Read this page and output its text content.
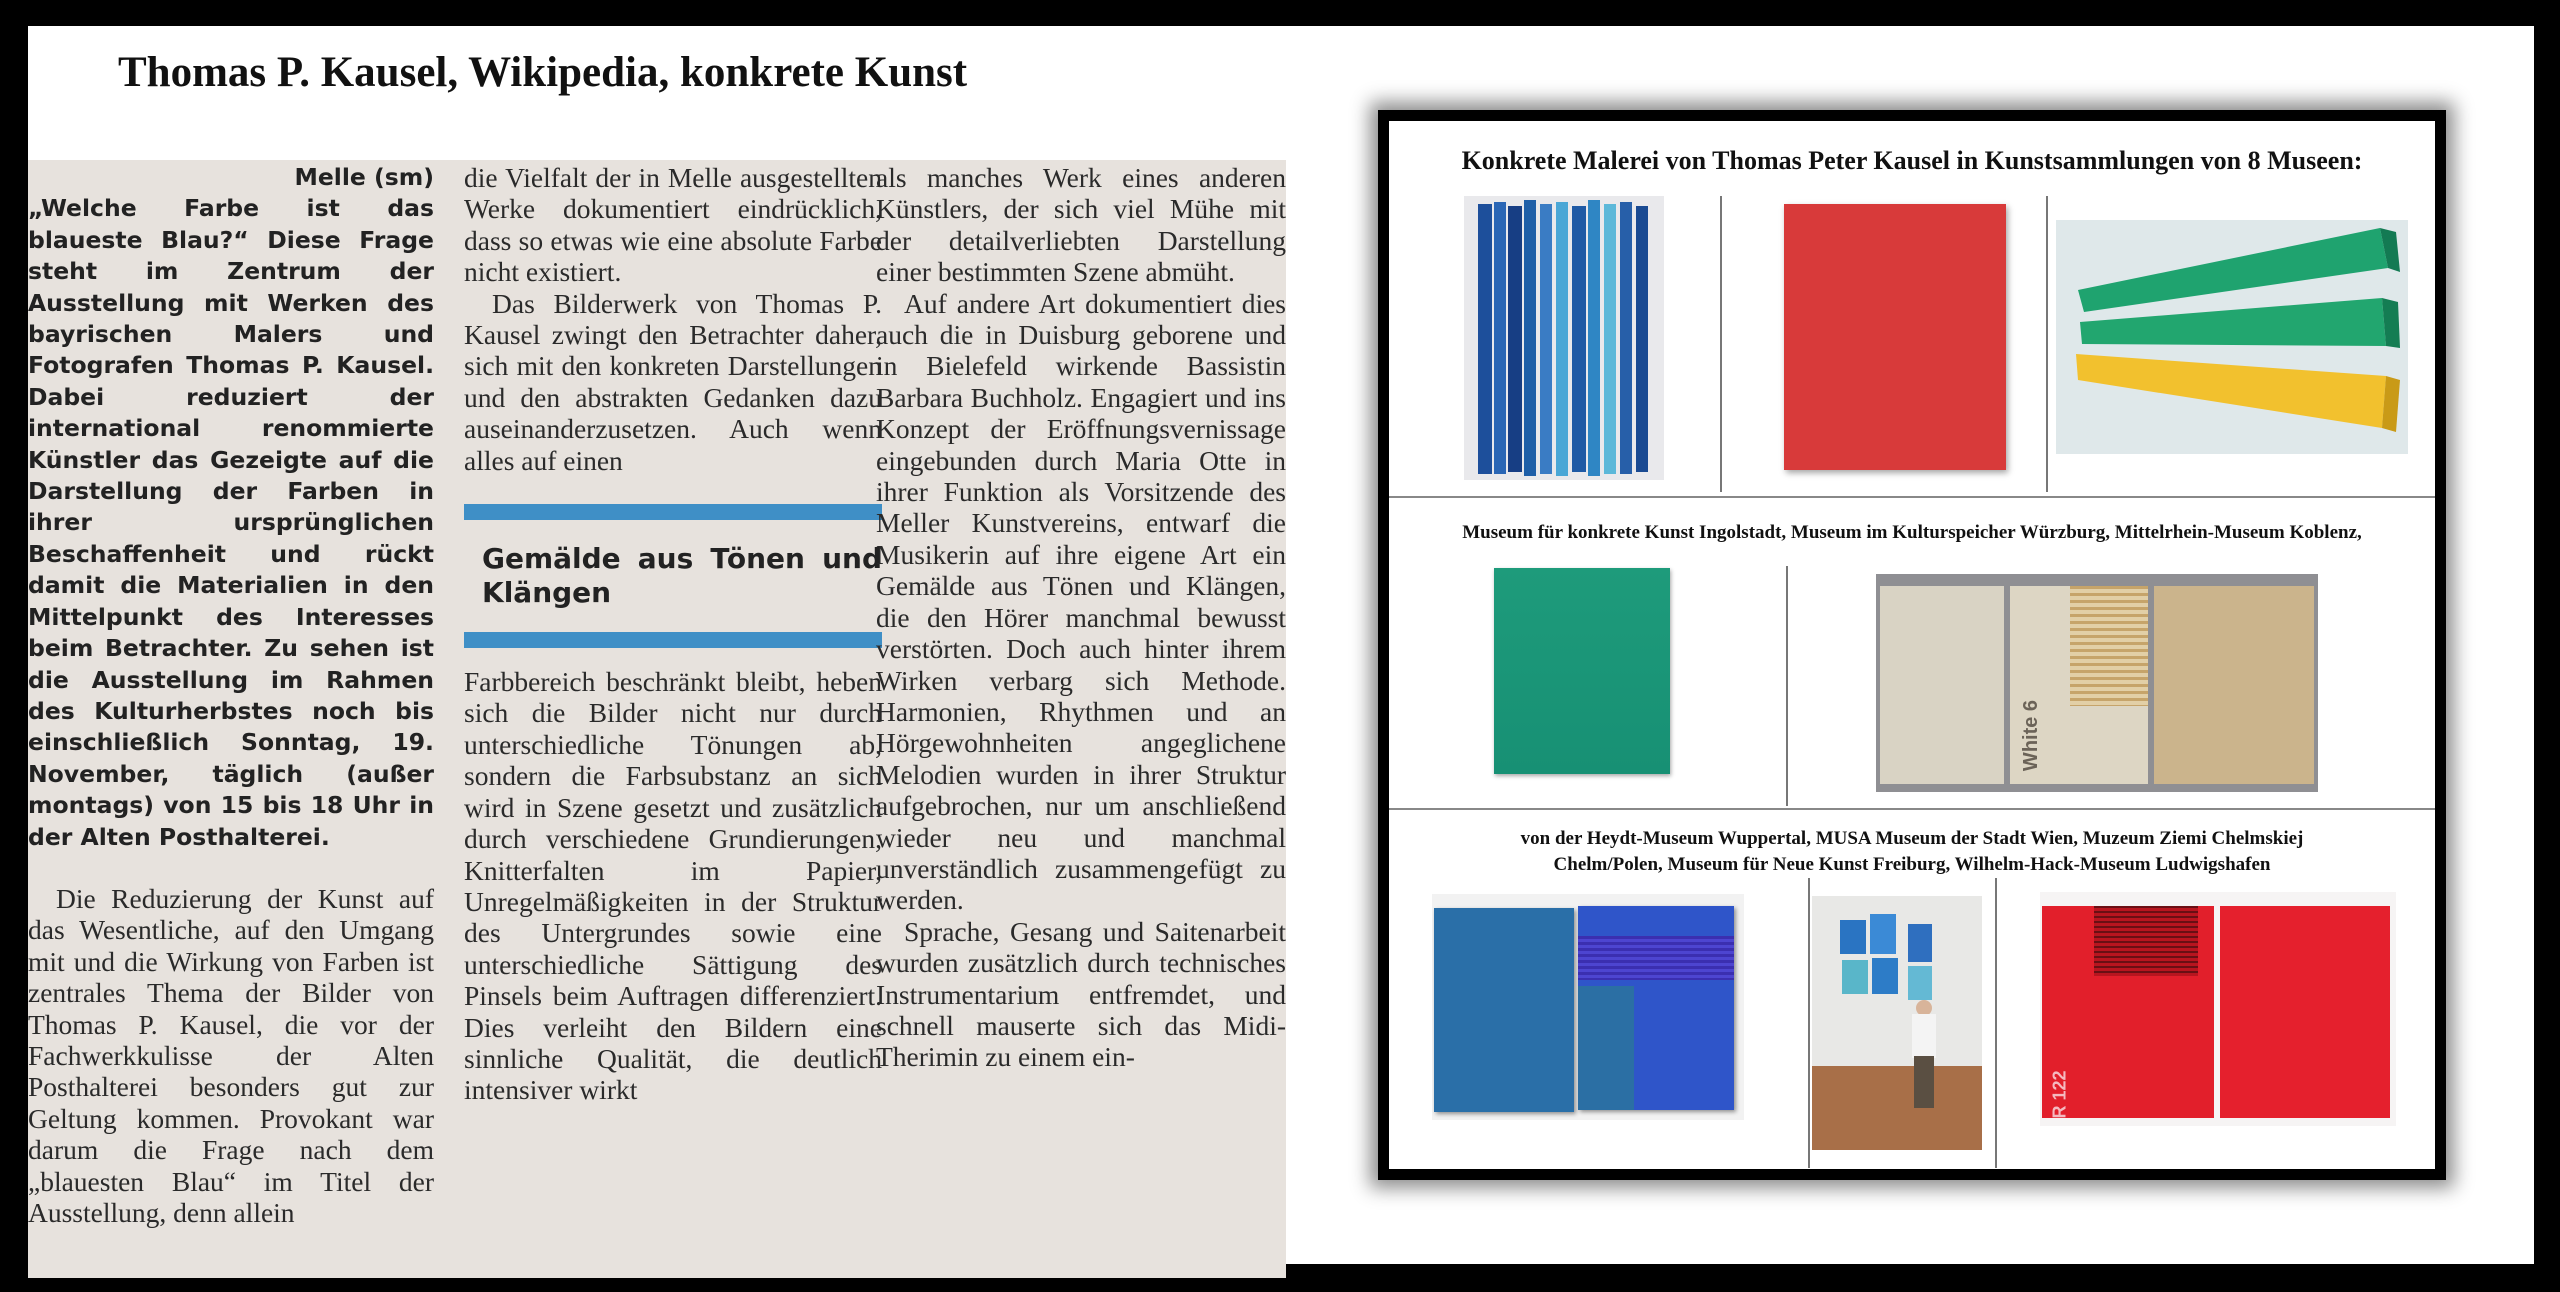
Thomas P. Kausel, Wikipedia, konkrete Kunst
Melle (sm)
„Welche Farbe ist das blaueste Blau?“ Diese Frage steht im Zentrum der Ausstellung mit Werken des bayrischen Malers und Fotografen Thomas P. Kausel. Dabei reduziert der international renommierte Künstler das Gezeigte auf die Darstellung der Farben in ihrer ursprünglichen Beschaffenheit und rückt damit die Materialien in den Mittelpunkt des Interesses beim Betrachter. Zu sehen ist die Ausstellung im Rahmen des Kulturherbstes noch bis einschließlich Sonntag, 19. November, täglich (außer montags) von 15 bis 18 Uhr in der Alten Posthalterei.

Die Reduzierung der Kunst auf das Wesentliche, auf den Umgang mit und die Wirkung von Farben ist zentrales Thema der Bilder von Thomas P. Kausel, die vor der Fachwerkkulisse der Alten Posthalterei besonders gut zur Geltung kommen. Provokant war darum die Frage nach dem „blauesten Blau“ im Titel der Ausstellung, denn allein

die Vielfalt der in Melle ausgestellten Werke dokumentiert eindrücklich, dass so etwas wie eine absolute Farbe nicht existiert.

Das Bilderwerk von Thomas P. Kausel zwingt den Betrachter daher, sich mit den konkreten Darstellungen und den abstrakten Gedanken dazu auseinanderzusetzen. Auch wenn alles auf einen

Gemälde aus Tönen und Klängen

Farbbereich beschränkt bleibt, heben sich die Bilder nicht nur durch unterschiedliche Tönungen ab, sondern die Farbsubstanz an sich wird in Szene gesetzt und zusätzlich durch verschiedene Grundierungen, Knitterfalten im Papier, Unregelmäßigkeiten in der Struktur des Untergrundes sowie eine unterschiedliche Sättigung des Pinsels beim Auftragen differenziert. Dies verleiht den Bildern eine sinnliche Qualität, die deutlich intensiver wirkt

als manches Werk eines anderen Künstlers, der sich viel Mühe mit der detailverliebten Darstellung einer bestimmten Szene abmüht.

Auf andere Art dokumentiert dies auch die in Duisburg geborene und in Bielefeld wirkende Bassistin Barbara Buchholz. Engagiert und ins Konzept der Eröffnungsvernissage eingebunden durch Maria Otte in ihrer Funktion als Vorsitzende des Meller Kunstvereins, entwarf die Musikerin auf ihre eigene Art ein Gemälde aus Tönen und Klängen, die den Hörer manchmal bewusst verstörten. Doch auch hinter ihrem Wirken verbarg sich Methode. Harmonien, Rhythmen und an Hörgewohnheiten angeglichene Melodien wurden in ihrer Struktur aufgebrochen, nur um anschließend wieder neu und manchmal unverständlich zusammengefügt zu werden.

Sprache, Gesang und Saitenarbeit wurden zusätzlich durch technisches Instrumentarium entfremdet, und schnell mauserte sich das Midi-Therimin zu einem ein-

Konkrete Malerei von Thomas Peter Kausel in Kunstsammlungen von 8 Museen:
Museum für konkrete Kunst Ingolstadt, Museum im Kulturspeicher Würzburg, Mittelrhein-Museum Koblenz,
White 6
von der Heydt-Museum Wuppertal, MUSA Museum der Stadt Wien, Muzeum Ziemi Chelmskiej
Chelm/Polen, Museum für Neue Kunst Freiburg, Wilhelm-Hack-Museum Ludwigshafen
R 122
